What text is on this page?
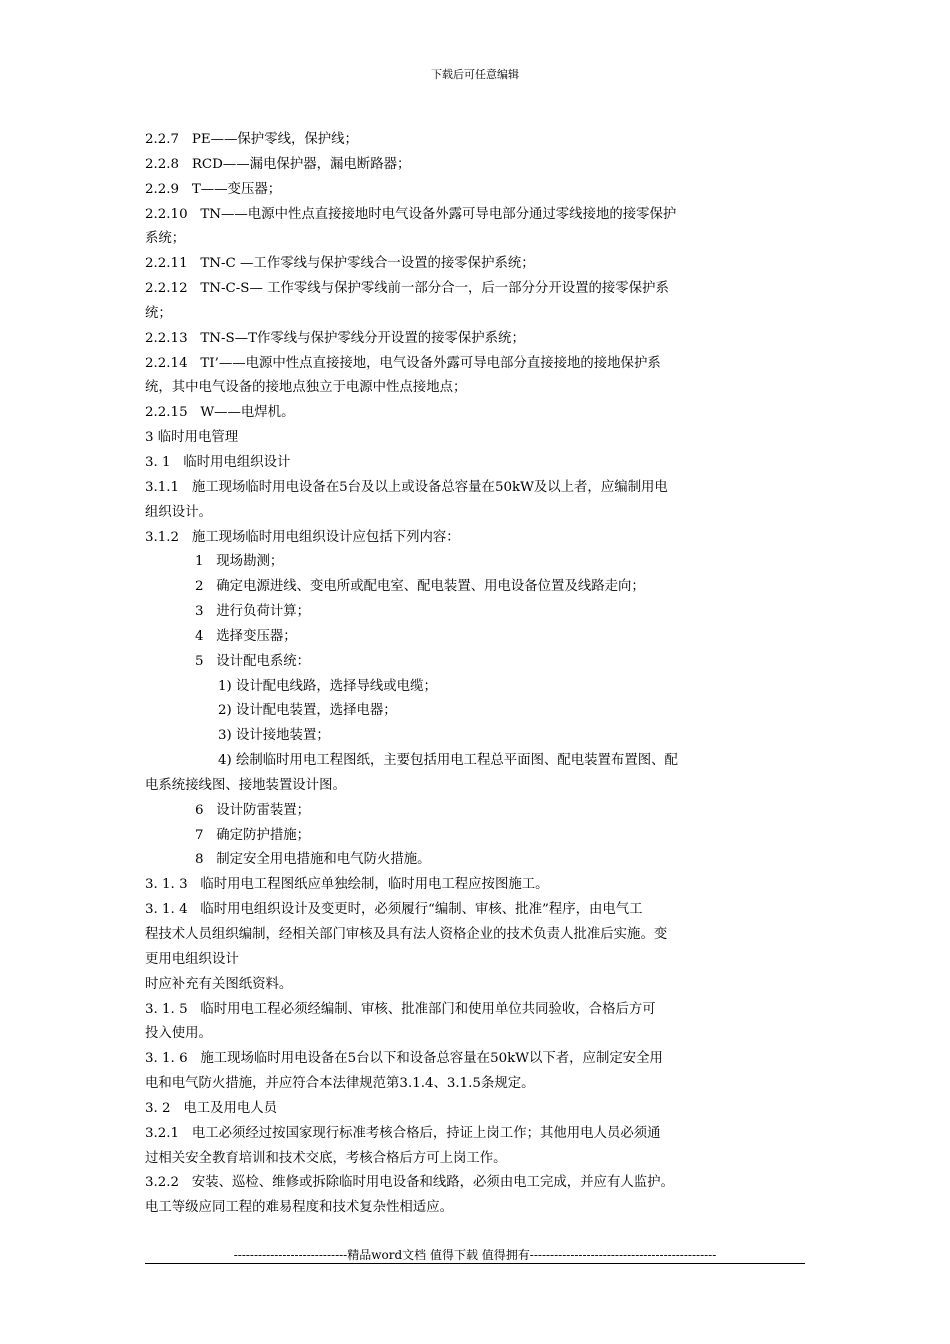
下载后可任意编辑
2.2.7   PE——保护零线，保护线；
2.2.8   RCD——漏电保护器，漏电断路器；
2.2.9   T——变压器；
2.2.10   TN——电源中性点直接接地时电气设备外露可导电部分通过零线接地的接零保护
系统；
2.2.11   TN-C —工作零线与保护零线合一设置的接零保护系统；
2.2.12   TN-C-S— 工作零线与保护零线前一部分合一，后一部分分开设置的接零保护系
统；
2.2.13   TN-S—T作零线与保护零线分开设置的接零保护系统；
2.2.14   TI’——电源中性点直接接地，电气设备外露可导电部分直接接地的接地保护系
统，其中电气设备的接地点独立于电源中性点接地点；
2.2.15   W——电焊机。
3 临时用电管理
3. 1   临时用电组织设计
3.1.1   施工现场临时用电设备在5台及以上或设备总容量在50kW及以上者，应编制用电
组织设计。
3.1.2   施工现场临时用电组织设计应包括下列内容：
1   现场勘测；
2   确定电源进线、变电所或配电室、配电装置、用电设备位置及线路走向；
3   进行负荷计算；
4   选择变压器；
5   设计配电系统：
1) 设计配电线路，选择导线或电缆；
2) 设计配电装置，选择电器；
3) 设计接地装置；
4) 绘制临时用电工程图纸，主要包括用电工程总平面图、配电装置布置图、配
电系统接线图、接地装置设计图。
6   设计防雷装置；
7   确定防护措施；
8   制定安全用电措施和电气防火措施。
3. 1. 3   临时用电工程图纸应单独绘制，临时用电工程应按图施工。
3. 1. 4   临时用电组织设计及变更时，必须履行“编制、审核、批准”程序，由电气工
程技术人员组织编制，经相关部门审核及具有法人资格企业的技术负责人批准后实施。变
更用电组织设计
时应补充有关图纸资料。
3. 1. 5   临时用电工程必须经编制、审核、批准部门和使用单位共同验收，合格后方可
投入使用。
3. 1. 6   施工现场临时用电设备在5台以下和设备总容量在50kW以下者，应制定安全用
电和电气防火措施，并应符合本法律规范第3.1.4、3.1.5条规定。
3. 2   电工及用电人员
3.2.1   电工必须经过按国家现行标准考核合格后，持证上岗工作；其他用电人员必须通
过相关安全教育培训和技术交底，考核合格后方可上岗工作。
3.2.2   安装、巡检、维修或拆除临时用电设备和线路，必须由电工完成，并应有人监护。
电工等级应同工程的难易程度和技术复杂性相适应。
----------------------------精品word文档 值得下载 值得拥有----------------------------------------------
